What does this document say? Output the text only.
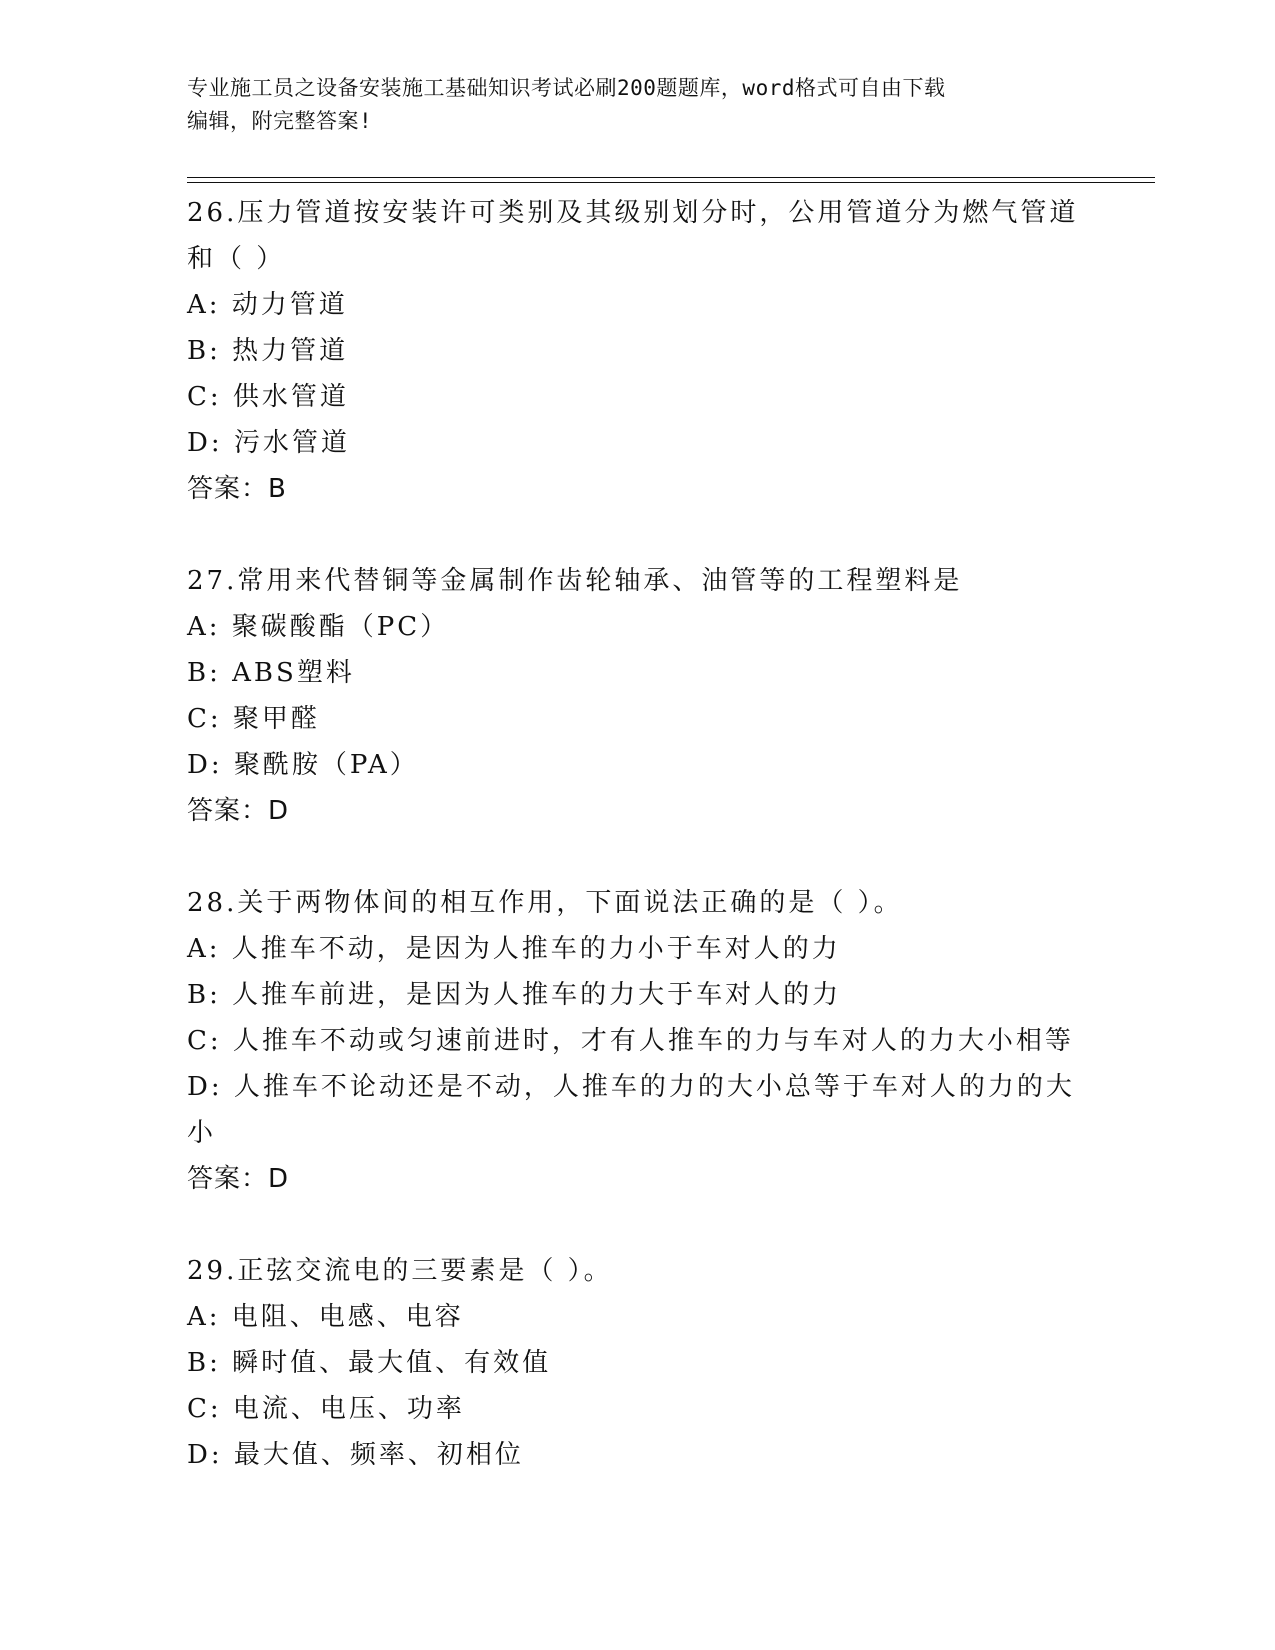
专业施工员之设备安装施工基础知识考试必刷200题题库，word格式可自由下载
编辑，附完整答案!
26.压力管道按安装许可类别及其级别划分时，公用管道分为燃气管道和（ ）
A: 动力管道
B: 热力管道
C: 供水管道
D: 污水管道
答案：B
27.常用来代替铜等金属制作齿轮轴承、油管等的工程塑料是
A: 聚碳酸酯（PC）
B: ABS塑料
C: 聚甲醛
D: 聚酰胺（PA）
答案：D
28.关于两物体间的相互作用，下面说法正确的是（ ）。
A: 人推车不动，是因为人推车的力小于车对人的力
B: 人推车前进，是因为人推车的力大于车对人的力
C: 人推车不动或匀速前进时，才有人推车的力与车对人的力大小相等
D: 人推车不论动还是不动，人推车的力的大小总等于车对人的力的大小
答案：D
29.正弦交流电的三要素是（ ）。
A: 电阻、电感、电容
B: 瞬时值、最大值、有效值
C: 电流、电压、功率
D: 最大值、频率、初相位
